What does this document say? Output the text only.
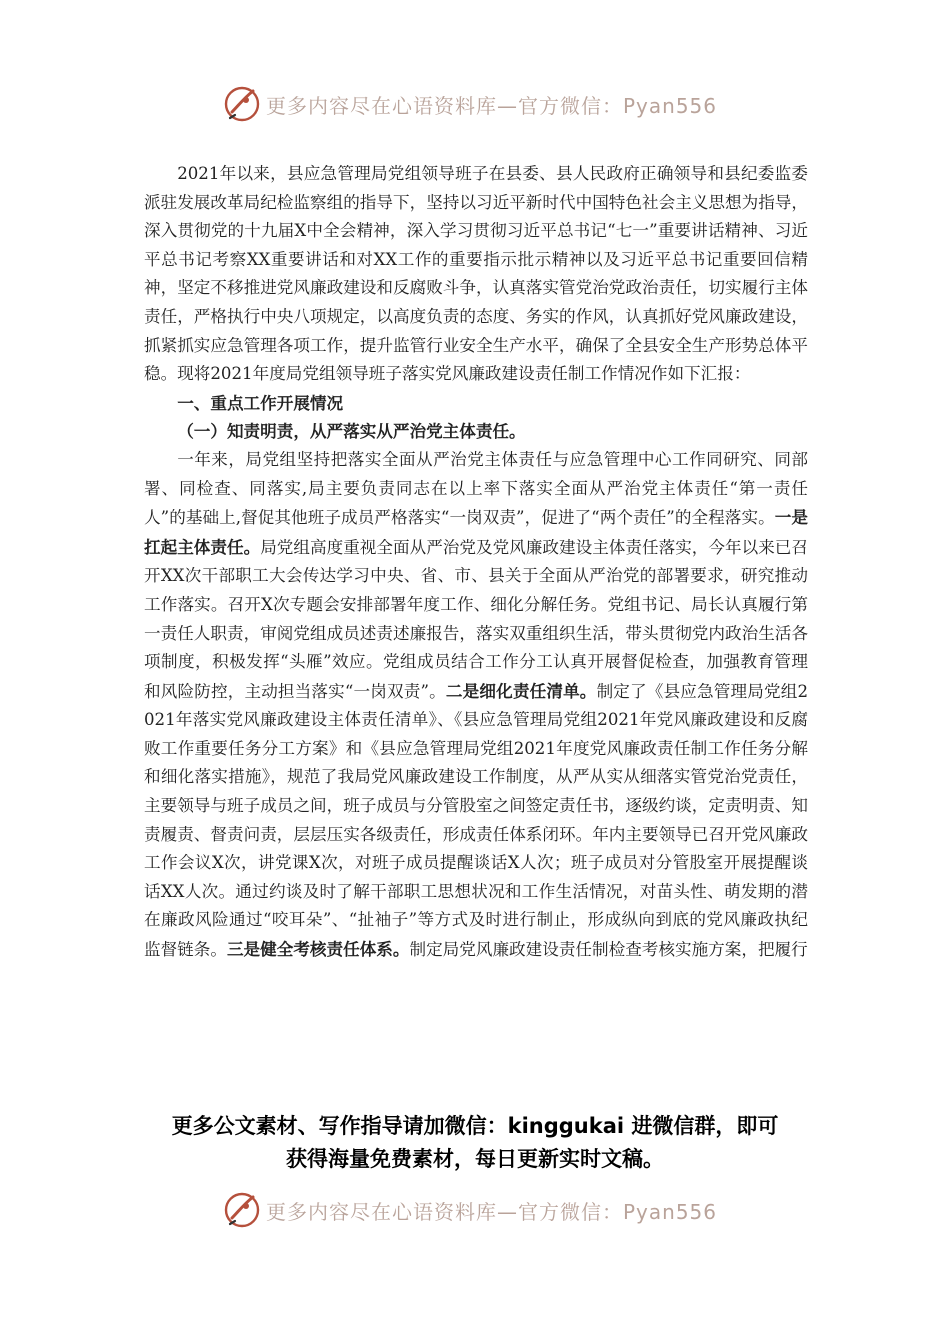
更多内容尽在心语资料库—官方微信：Pyan556

2021年以来，县应急管理局党组领导班子在县委、县人民政府正确领导和县纪委监委派驻发展改革局纪检监察组的指导下，坚持以习近平新时代中国特色社会主义思想为指导，深入贯彻党的十九届X中全会精神，深入学习贯彻习近平总书记“七一”重要讲话精神、习近平总书记考察XX重要讲话和对XX工作的重要指示批示精神以及习近平总书记重要回信精神，坚定不移推进党风廉政建设和反腐败斗争，认真落实管党治党政治责任，切实履行主体责任，严格执行中央八项规定，以高度负责的态度、务实的作风，认真抓好党风廉政建设，抓紧抓实应急管理各项工作，提升监管行业安全生产水平，确保了全县安全生产形势总体平稳。现将2021年度局党组领导班子落实党风廉政建设责任制工作情况作如下汇报：

一、重点工作开展情况

（一）知责明责，从严落实从严治党主体责任。

一年来，局党组坚持把落实全面从严治党主体责任与应急管理中心工作同研究、同部署、同检查、同落实,局主要负责同志在以上率下落实全面从严治党主体责任“第一责任人”的基础上,督促其他班子成员严格落实“一岗双责”，促进了“两个责任”的全程落实。一是扛起主体责任。局党组高度重视全面从严治党及党风廉政建设主体责任落实，今年以来已召开XX次干部职工大会传达学习中央、省、市、县关于全面从严治党的部署要求，研究推动工作落实。召开X次专题会安排部署年度工作、细化分解任务。党组书记、局长认真履行第一责任人职责，审阅党组成员述责述廉报告，落实双重组织生活，带头贯彻党内政治生活各项制度，积极发挥“头雁”效应。党组成员结合工作分工认真开展督促检查，加强教育管理和风险防控，主动担当落实“一岗双责”。二是细化责任清单。制定了《县应急管理局党组2021年落实党风廉政建设主体责任清单》、《县应急管理局党组2021年党风廉政建设和反腐败工作重要任务分工方案》和《县应急管理局党组2021年度党风廉政责任制工作任务分解和细化落实措施》，规范了我局党风廉政建设工作制度，从严从实从细落实管党治党责任，主要领导与班子成员之间，班子成员与分管股室之间签定责任书，逐级约谈，定责明责、知责履责、督责问责，层层压实各级责任，形成责任体系闭环。年内主要领导已召开党风廉政工作会议X次，讲党课X次，对班子成员提醒谈话X人次；班子成员对分管股室开展提醒谈话XX人次。通过约谈及时了解干部职工思想状况和工作生活情况，对苗头性、萌发期的潜在廉政风险通过“咬耳朵”、“扯袖子”等方式及时进行制止，形成纵向到底的党风廉政执纪监督链条。三是健全考核责任体系。制定局党风廉政建设责任制检查考核实施方案，把履行

更多公文素材、写作指导请加微信：kinggukai 进微信群，即可
获得海量免费素材，每日更新实时文稿。
更多内容尽在心语资料库—官方微信：Pyan556
